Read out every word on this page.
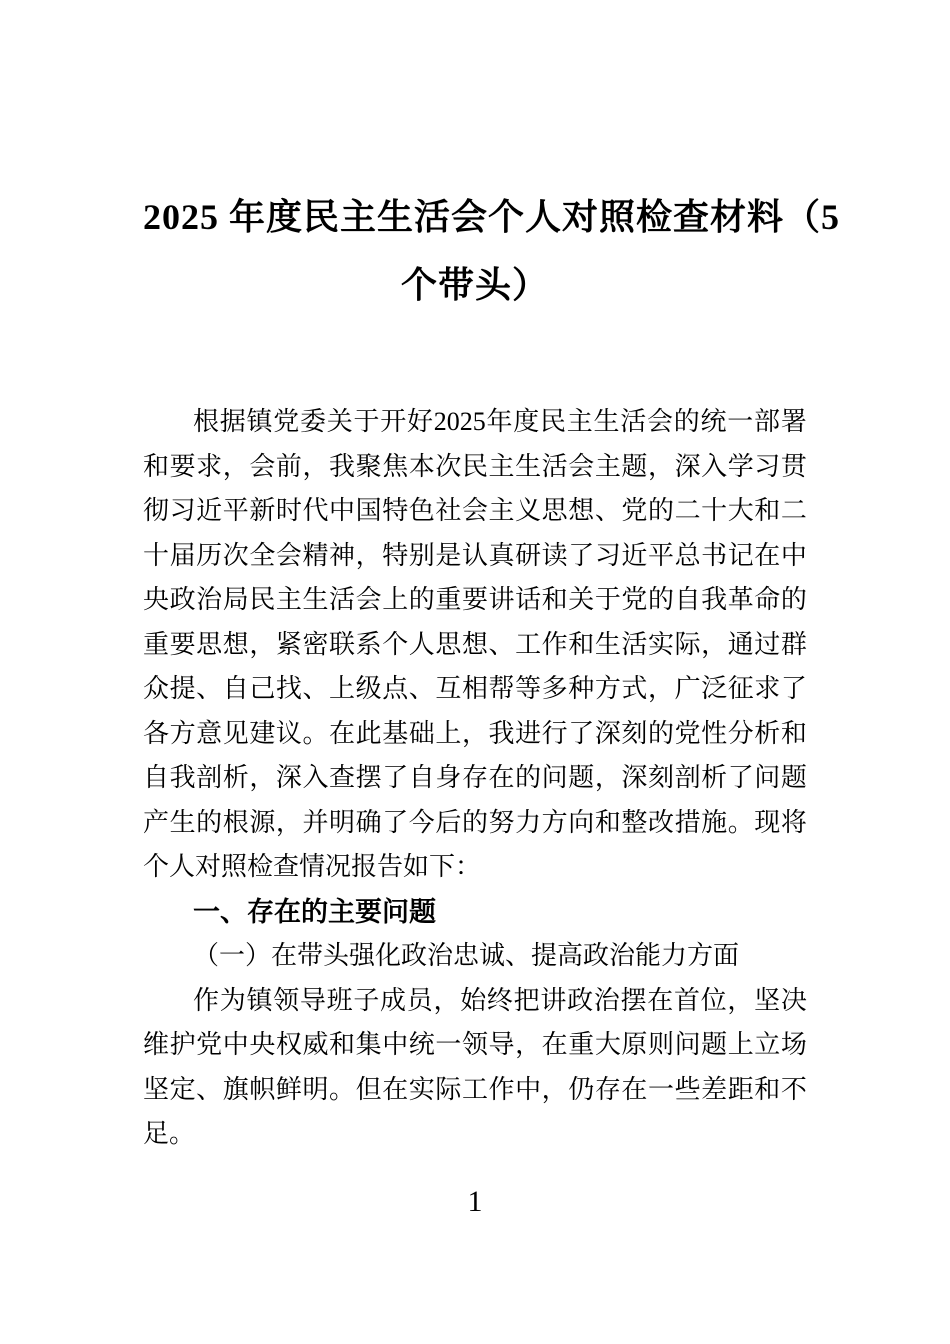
2025 年度民主生活会个人对照检查材料（5
个带头）
根 据 镇 党 委 关 于 开 好 2025 年 度 民 主 生 活 会 的 统 一 部 署
和 要 求 ， 会 前 ， 我 聚 焦 本 次 民 主 生 活 会 主 题 ， 深 入 学 习 贯
彻 习 近 平 新 时 代 中 国 特 色 社 会 主 义 思 想 、 党 的 二 十 大 和 二
十 届 历 次 全 会 精 神 ， 特 别 是 认 真 研 读 了 习 近 平 总 书 记 在 中
央 政 治 局 民 主 生 活 会 上 的 重 要 讲 话 和 关 于 党 的 自 我 革 命 的
重 要 思 想 ， 紧 密 联 系 个 人 思 想 、 工 作 和 生 活 实 际 ， 通 过 群
众 提 、 自 己 找 、 上 级 点 、 互 相 帮 等 多 种 方 式 ， 广 泛 征 求 了
各 方 意 见 建 议 。 在 此 基 础 上 ， 我 进 行 了 深 刻 的 党 性 分 析 和
自 我 剖 析 ， 深 入 查 摆 了 自 身 存 在 的 问 题 ， 深 刻 剖 析 了 问 题
产 生 的 根 源 ， 并 明 确 了 今 后 的 努 力 方 向 和 整 改 措 施 。 现 将
个人对照检查情况报告如下：
一、存在的主要问题
（一）在带头强化政治忠诚、提高政治能力方面
作 为 镇 领 导 班 子 成 员 ， 始 终 把 讲 政 治 摆 在 首 位 ， 坚 决
维 护 党 中 央 权 威 和 集 中 统 一 领 导 ， 在 重 大 原 则 问 题 上 立 场
坚 定 、 旗 帜 鲜 明 。 但 在 实 际 工 作 中 ， 仍 存 在 一 些 差 距 和 不
足。
1
